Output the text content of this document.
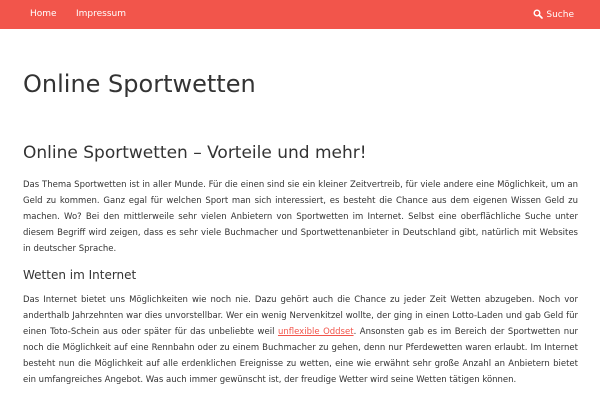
Home Impressum	Suche
Online Sportwetten
Online Sportwetten – Vorteile und mehr!

Das Thema Sportwetten ist in aller Munde. Für die einen sind sie ein kleiner Zeitvertreib, für viele andere eine Möglichkeit, um an Geld zu kommen. Ganz egal für welchen Sport man sich interessiert, es besteht die Chance aus dem eigenen Wissen Geld zu machen. Wo? Bei den mittlerweile sehr vielen Anbietern von Sportwetten im Internet. Selbst eine oberflächliche Suche unter diesem Begriff wird zeigen, dass es sehr viele Buchmacher und Sportwettenanbieter in Deutschland gibt, natürlich mit Websites in deutscher Sprache.

Wetten im Internet

Das Internet bietet uns Möglichkeiten wie noch nie. Dazu gehört auch die Chance zu jeder Zeit Wetten abzugeben. Noch vor anderthalb Jahrzehnten war dies unvorstellbar. Wer ein wenig Nervenkitzel wollte, der ging in einen Lotto-Laden und gab Geld für einen Toto-Schein aus oder später für das unbeliebte weil unflexible Oddset. Ansonsten gab es im Bereich der Sportwetten nur noch die Möglichkeit auf eine Rennbahn oder zu einem Buchmacher zu gehen, denn nur Pferdewetten waren erlaubt. Im Internet besteht nun die Möglichkeit auf alle erdenklichen Ereignisse zu wetten, eine wie erwähnt sehr große Anzahl an Anbietern bietet ein umfangreiches Angebot. Was auch immer gewünscht ist, der freudige Wetter wird seine Wetten tätigen können.
